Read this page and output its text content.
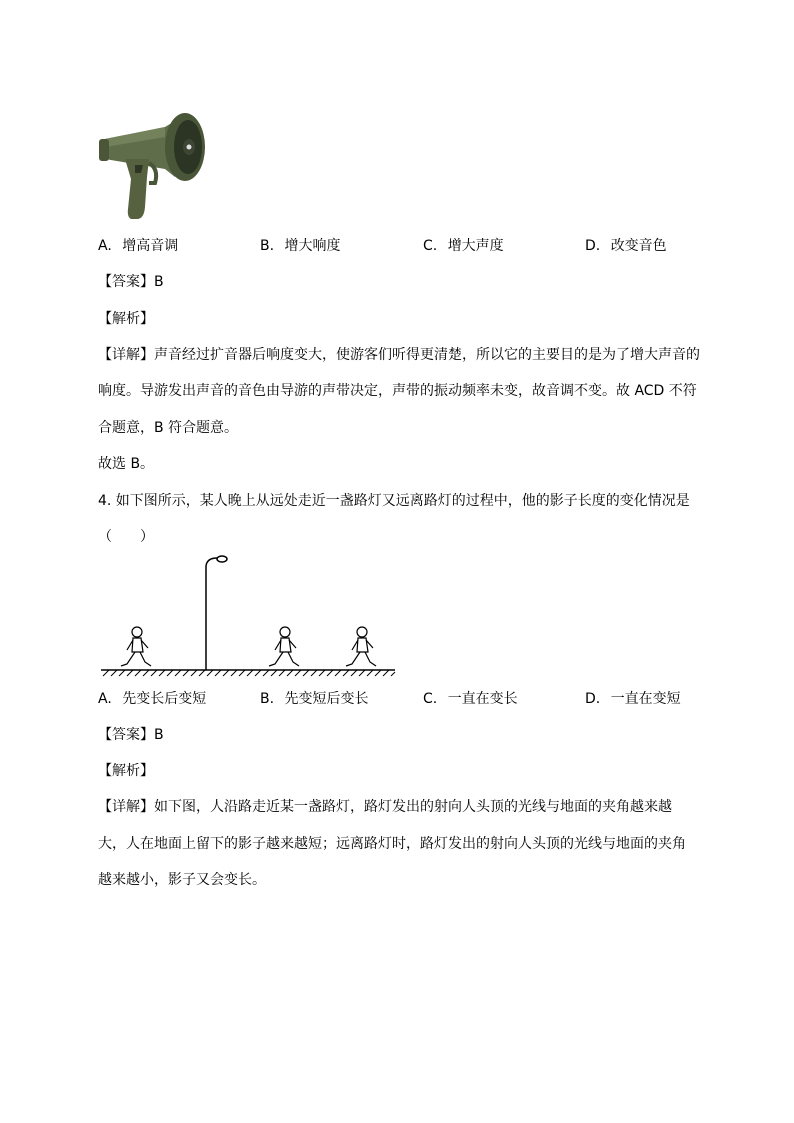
A. 增高音调	B. 增大响度	C. 增大声度	D. 改变音色
【答案】B
【解析】
【详解】声音经过扩音器后响度变大，使游客们听得更清楚，所以它的主要目的是为了增大声音的
响度。导游发出声音的音色由导游的声带决定，声带的振动频率未变，故音调不变。故 ACD 不符
合题意，B 符合题意。
故选 B。
4. 如下图所示，某人晚上从远处走近一盏路灯又远离路灯的过程中，他的影子长度的变化情况是
（　　）
A. 先变长后变短	B. 先变短后变长	C. 一直在变长	D. 一直在变短
【答案】B
【解析】
【详解】如下图，人沿路走近某一盏路灯，路灯发出的射向人头顶的光线与地面的夹角越来越
大，人在地面上留下的影子越来越短；远离路灯时，路灯发出的射向人头顶的光线与地面的夹角
越来越小，影子又会变长。
